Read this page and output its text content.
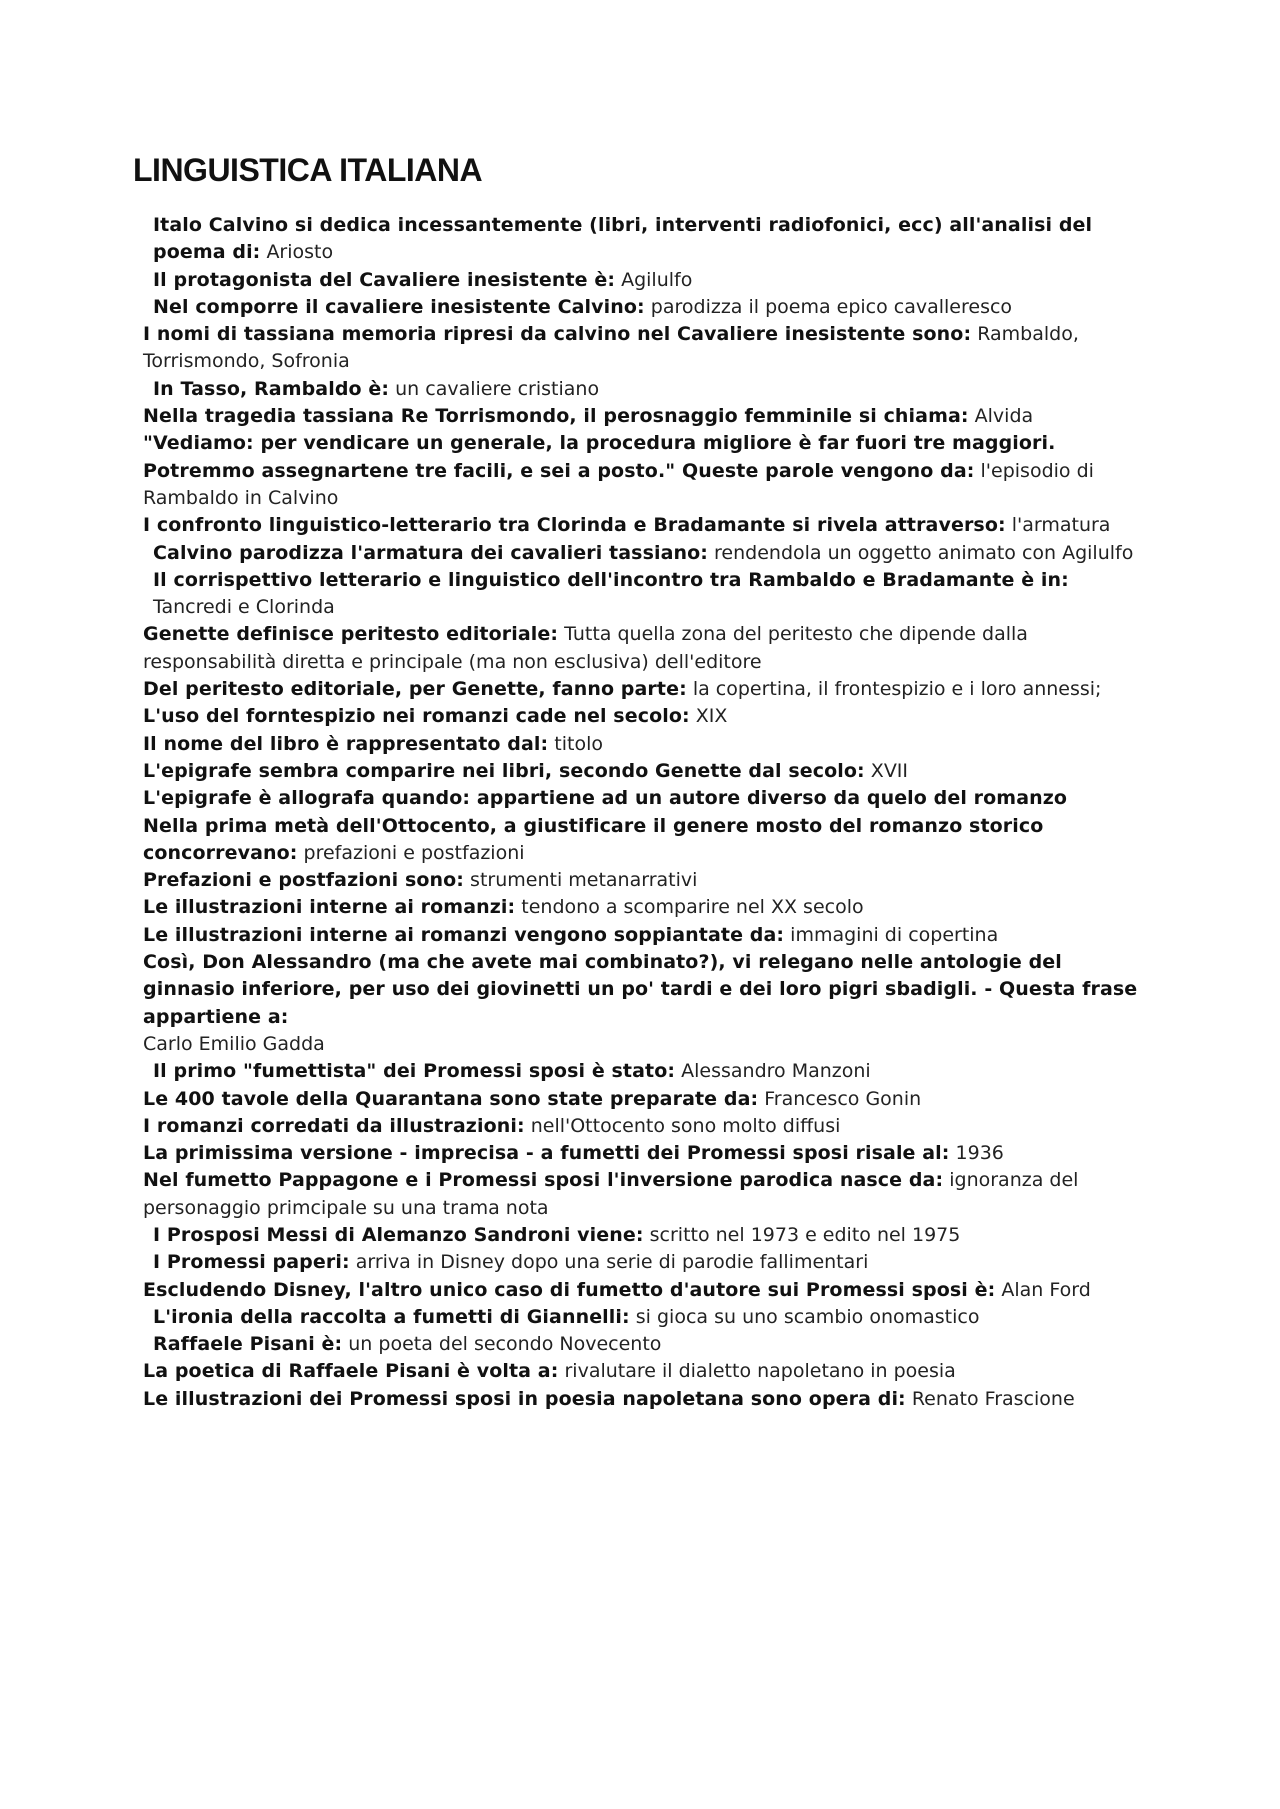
LINGUISTICA ITALIANA

Italo Calvino si dedica incessantemente (libri, interventi radiofonici, ecc) all'analisi del poema di: Ariosto

Il protagonista del Cavaliere inesistente è: Agilulfo

Nel comporre il cavaliere inesistente Calvino: parodizza il poema epico cavalleresco

I nomi di tassiana memoria ripresi da calvino nel Cavaliere inesistente sono: Rambaldo, Torrismondo, Sofronia

In Tasso, Rambaldo è: un cavaliere cristiano

Nella tragedia tassiana Re Torrismondo, il perosnaggio femminile si chiama: Alvida

"Vediamo: per vendicare un generale, la procedura migliore è far fuori tre maggiori. Potremmo assegnartene tre facili, e sei a posto." Queste parole vengono da: l'episodio di Rambaldo in Calvino

I confronto linguistico-letterario tra Clorinda e Bradamante si rivela attraverso: l'armatura

Calvino parodizza l'armatura dei cavalieri tassiano: rendendola un oggetto animato con Agilulfo

Il corrispettivo letterario e linguistico dell'incontro tra Rambaldo e Bradamante è in: Tancredi e Clorinda

Genette definisce peritesto editoriale: Tutta quella zona del peritesto che dipende dalla responsabilità diretta e principale (ma non esclusiva) dell'editore

Del peritesto editoriale, per Genette, fanno parte: la copertina, il frontespizio e i loro annessi;

L'uso del forntespizio nei romanzi cade nel secolo: XIX

Il nome del libro è rappresentato dal: titolo

L'epigrafe sembra comparire nei libri, secondo Genette dal secolo: XVII

L'epigrafe è allografa quando: appartiene ad un autore diverso da quelo del romanzo

Nella prima metà dell'Ottocento, a giustificare il genere mosto del romanzo storico concorrevano: prefazioni e postfazioni

Prefazioni e postfazioni sono: strumenti metanarrativi

Le illustrazioni interne ai romanzi: tendono a scomparire nel XX secolo

Le illustrazioni interne ai romanzi vengono soppiantate da: immagini di copertina

Così, Don Alessandro (ma che avete mai combinato?), vi relegano nelle antologie del ginnasio inferiore, per uso dei giovinetti un po' tardi e dei loro pigri sbadigli. - Questa frase appartiene a:
Carlo Emilio Gadda

Il primo "fumettista" dei Promessi sposi è stato: Alessandro Manzoni

Le 400 tavole della Quarantana sono state preparate da: Francesco Gonin

I romanzi corredati da illustrazioni: nell'Ottocento sono molto diffusi

La primissima versione - imprecisa - a fumetti dei Promessi sposi risale al: 1936

Nel fumetto Pappagone e i Promessi sposi l'inversione parodica nasce da: ignoranza del personaggio primcipale su una trama nota

I Prosposi Messi di Alemanzo Sandroni viene: scritto nel 1973 e edito nel 1975

I Promessi paperi: arriva in Disney dopo una serie di parodie fallimentari

Escludendo Disney, l'altro unico caso di fumetto d'autore sui Promessi sposi è: Alan Ford

L'ironia della raccolta a fumetti di Giannelli: si gioca su uno scambio onomastico

Raffaele Pisani è: un poeta del secondo Novecento

La poetica di Raffaele Pisani è volta a: rivalutare il dialetto napoletano in poesia

Le illustrazioni dei Promessi sposi in poesia napoletana sono opera di: Renato Frascione
